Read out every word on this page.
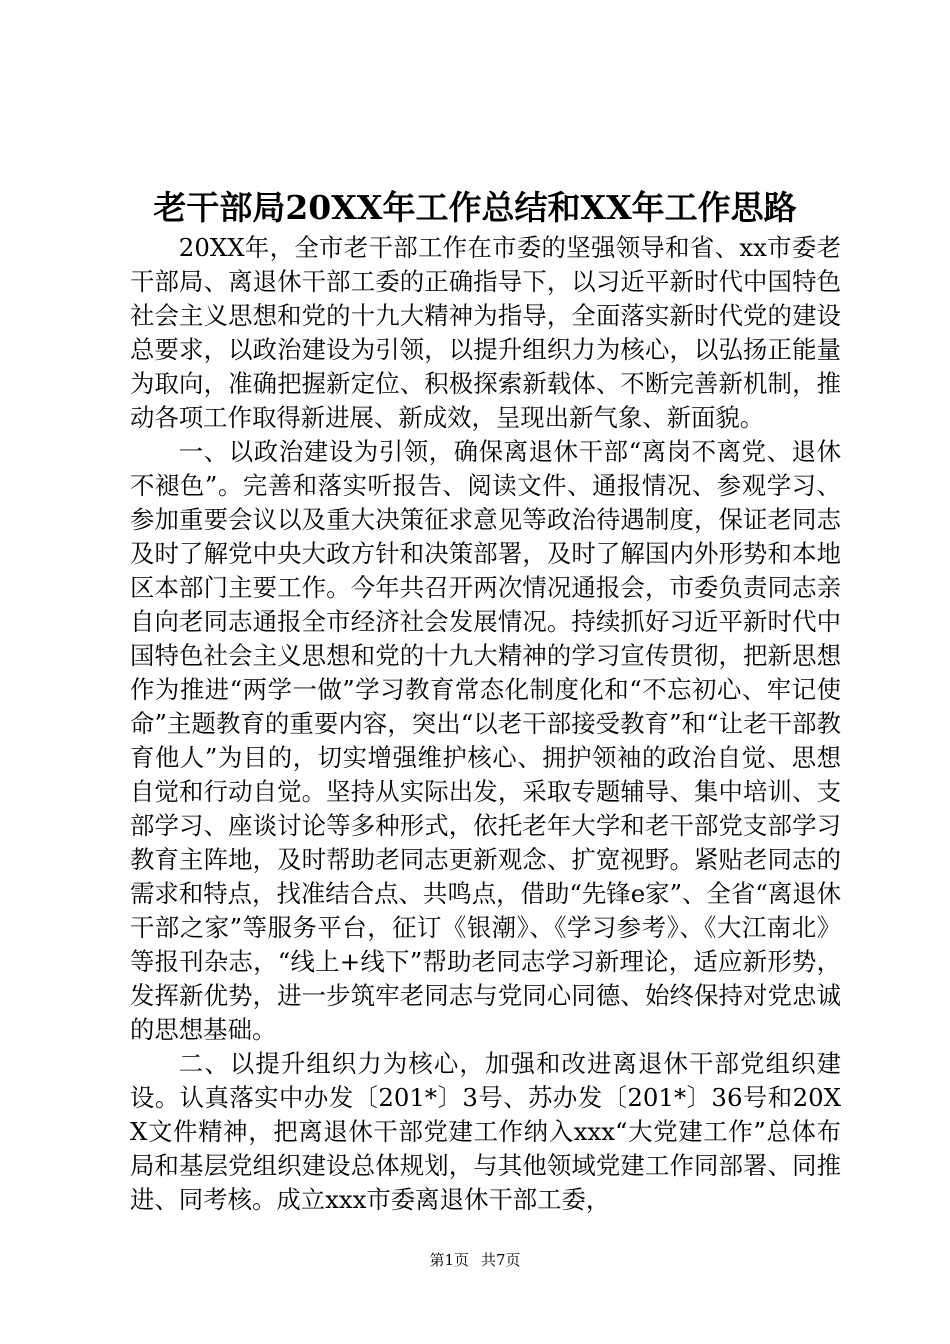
老干部局20XX年工作总结和XX年工作思路

20XX年，全市老干部工作在市委的坚强领导和省、xx市委老干部局、离退休干部工委的正确指导下，以习近平新时代中国特色社会主义思想和党的十九大精神为指导，全面落实新时代党的建设总要求，以政治建设为引领，以提升组织力为核心，以弘扬正能量为取向，准确把握新定位、积极探索新载体、不断完善新机制，推动各项工作取得新进展、新成效，呈现出新气象、新面貌。

一、以政治建设为引领，确保离退休干部“离岗不离党、退休不褪色”。完善和落实听报告、阅读文件、通报情况、参观学习、参加重要会议以及重大决策征求意见等政治待遇制度，保证老同志及时了解党中央大政方针和决策部署，及时了解国内外形势和本地区本部门主要工作。今年共召开两次情况通报会，市委负责同志亲自向老同志通报全市经济社会发展情况。持续抓好习近平新时代中国特色社会主义思想和党的十九大精神的学习宣传贯彻，把新思想作为推进“两学一做”学习教育常态化制度化和“不忘初心、牢记使命”主题教育的重要内容，突出“以老干部接受教育”和“让老干部教育他人”为目的，切实增强维护核心、拥护领袖的政治自觉、思想自觉和行动自觉。坚持从实际出发，采取专题辅导、集中培训、支部学习、座谈讨论等多种形式，依托老年大学和老干部党支部学习教育主阵地，及时帮助老同志更新观念、扩宽视野。紧贴老同志的需求和特点，找准结合点、共鸣点，借助“先锋e家”、全省“离退休干部之家”等服务平台，征订《银潮》、《学习参考》、《大江南北》等报刊杂志，“线上+线下”帮助老同志学习新理论，适应新形势，发挥新优势，进一步筑牢老同志与党同心同德、始终保持对党忠诚的思想基础。

二、以提升组织力为核心，加强和改进离退休干部党组织建设。认真落实中办发〔201*〕3号、苏办发〔201*〕36号和20XX文件精神，把离退休干部党建工作纳入xxx“大党建工作”总体布局和基层党组织建设总体规划，与其他领域党建工作同部署、同推进、同考核。成立xxx市委离退休干部工委，

第1页 共7页
